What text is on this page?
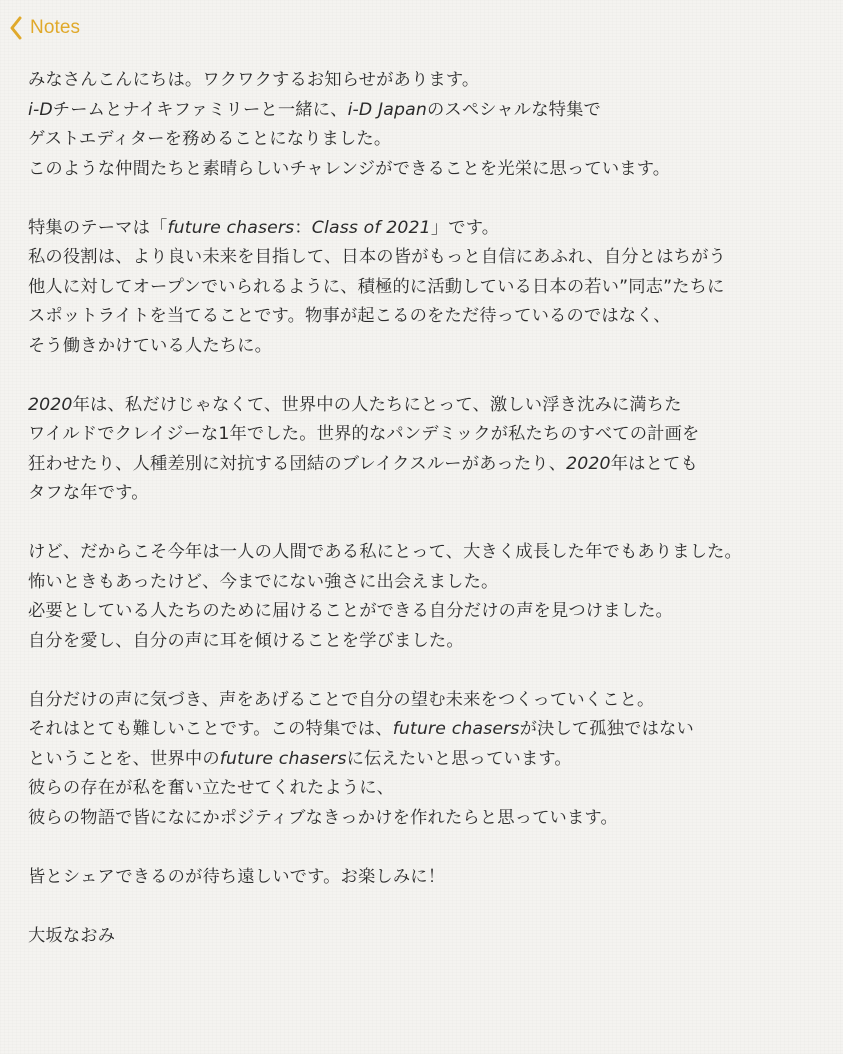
Notes
みなさんこんにちは。ワクワクするお知らせがあります。
i-Dチームとナイキファミリーと一緒に、i-D Japanのスペシャルな特集で
ゲストエディターを務めることになりました。
このような仲間たちと素晴らしいチャレンジができることを光栄に思っています。
特集のテーマは「future chasers：Class of 2021」です。
私の役割は、より良い未来を目指して、日本の皆がもっと自信にあふれ、自分とはちがう
他人に対してオープンでいられるように、積極的に活動している日本の若い”同志”たちに
スポットライトを当てることです。物事が起こるのをただ待っているのではなく、
そう働きかけている人たちに。
2020年は、私だけじゃなくて、世界中の人たちにとって、激しい浮き沈みに満ちた
ワイルドでクレイジーな1年でした。世界的なパンデミックが私たちのすべての計画を
狂わせたり、人種差別に対抗する団結のブレイクスルーがあったり、2020年はとても
タフな年です。
けど、だからこそ今年は一人の人間である私にとって、大きく成長した年でもありました。
怖いときもあったけど、今までにない強さに出会えました。
必要としている人たちのために届けることができる自分だけの声を見つけました。
自分を愛し、自分の声に耳を傾けることを学びました。
自分だけの声に気づき、声をあげることで自分の望む未来をつくっていくこと。
それはとても難しいことです。この特集では、future chasersが決して孤独ではない
ということを、世界中のfuture chasersに伝えたいと思っています。
彼らの存在が私を奮い立たせてくれたように、
彼らの物語で皆になにかポジティブなきっかけを作れたらと思っています。
皆とシェアできるのが待ち遠しいです。お楽しみに！
大坂なおみ
